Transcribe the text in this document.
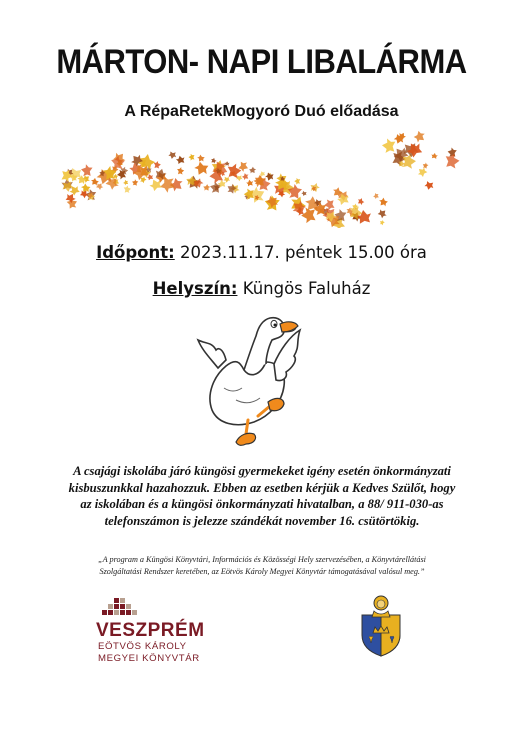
MÁRTON- NAPI LIBALÁRMA
A RépaRetekMogyoró Duó előadása
Időpont: 2023.11.17. péntek 15.00 óra
Helyszín: Küngös Faluház
A csajági iskolába járó küngösi gyermekeket igény esetén önkormányzati
kisbuszunkkal hazahozzuk. Ebben az esetben kérjük a Kedves Szülőt, hogy
az iskolában és a küngösi önkormányzati hivatalban, a 88/ 911-030-as
telefonszámon is jelezze szándékát november 16. csütörtökig.
„A program a Küngösi Könyvtári, Információs és Közösségi Hely szervezésében, a Könyvtárellátási
Szolgáltatási Rendszer keretében, az Eötvös Károly Megyei Könyvtár támogatásával valósul meg.”
VESZPRÉM
EÖTVÖS KÁROLY
MEGYEI KÖNYVTÁR
